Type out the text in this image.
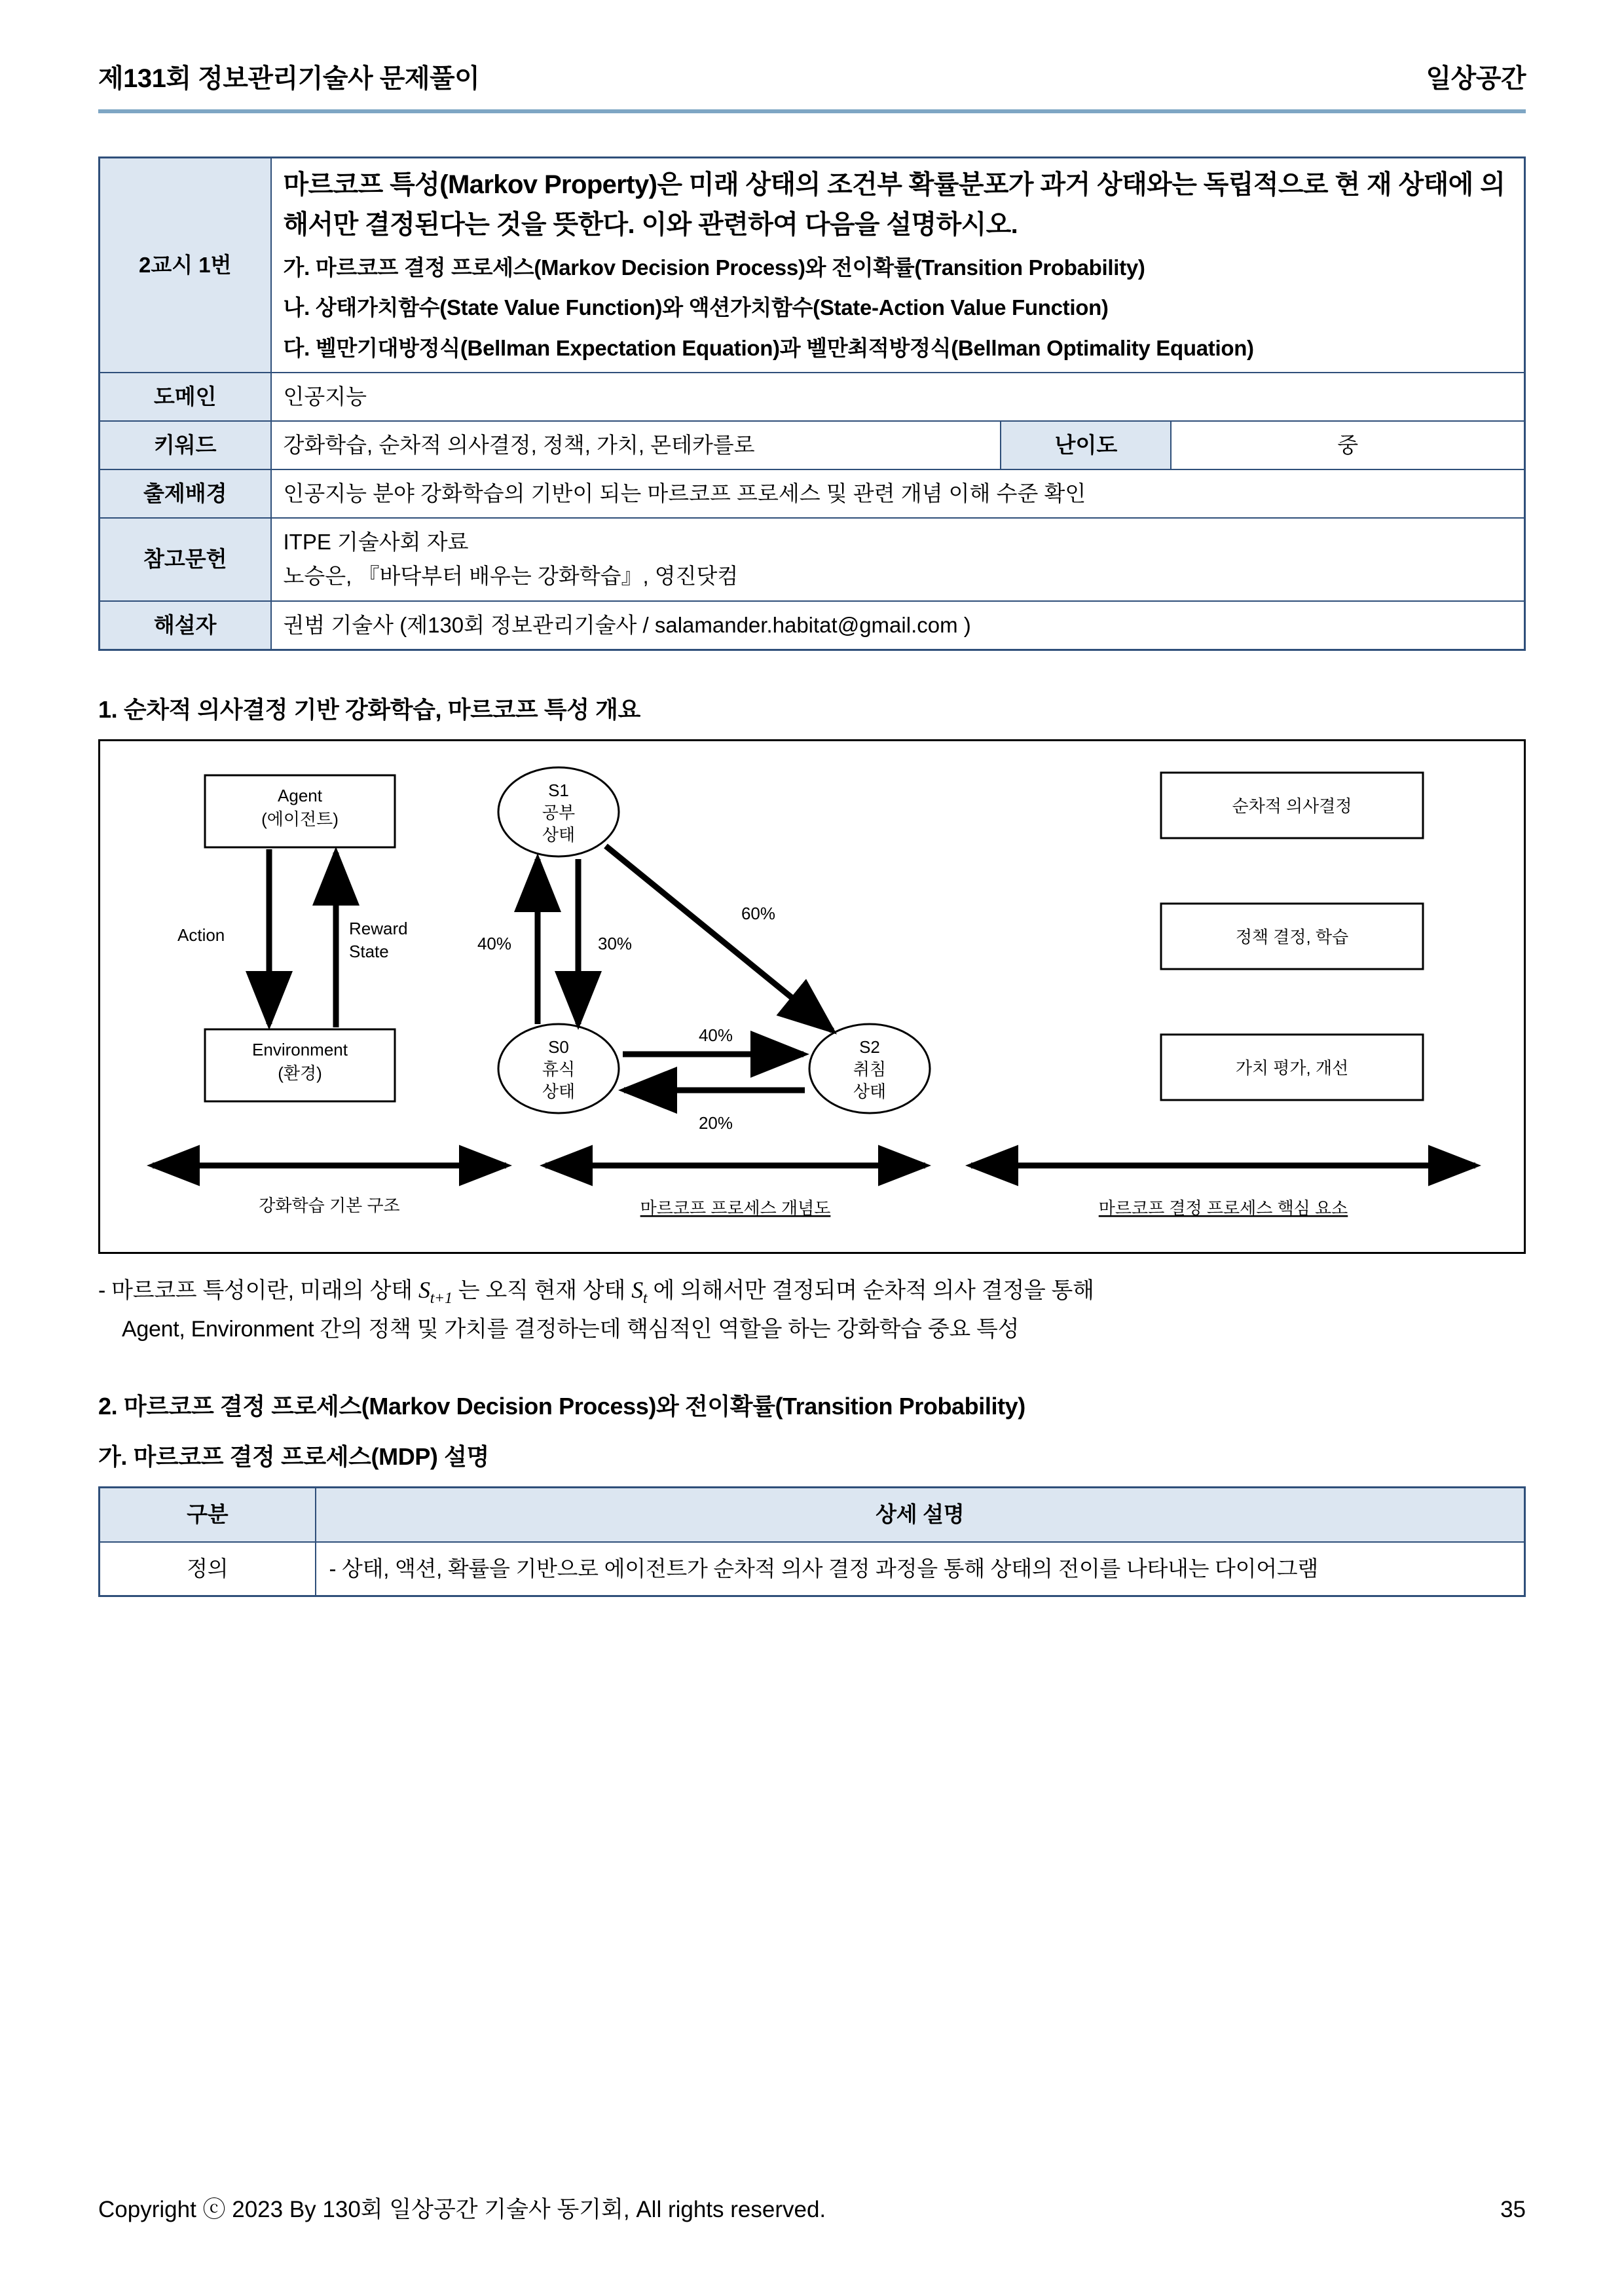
제131회 정보관리기술사 문제풀이	일상공간
2교시 1번	마르코프 특성(Markov Property)은 미래 상태의 조건부 확률분포가 과거 상태와는 독립적으로 현 재 상태에 의해서만 결정된다는 것을 뜻한다. 이와 관련하여 다음을 설명하시오.
가. 마르코프 결정 프로세스(Markov Decision Process)와 전이확률(Transition Probability)
나. 상태가치함수(State Value Function)와 액션가치함수(State-Action Value Function)
다. 벨만기대방정식(Bellman Expectation Equation)과 벨만최적방정식(Bellman Optimality Equation)		

도메인	인공지능		
키워드	강화학습, 순차적 의사결정, 정책, 가치, 몬테카를로	난이도	중
출제배경	인공지능 분야 강화학습의 기반이 되는 마르코프 프로세스 및 관련 개념 이해 수준 확인		
참고문헌	ITPE 기술사회 자료
노승은, 『바닥부터 배우는 강화학습』, 영진닷컴		

해설자	권범 기술사 (제130회 정보관리기술사 / salamander.habitat@gmail.com )		
1. 순차적 의사결정 기반 강화학습, 마르코프 특성 개요
Agent
(에이전트)
Environment
(환경)
Action	Reward
State
S1
공부
상태
S0
휴식
상태
S2
취침
상태
40%	30%
60%
40%
20%
순차적 의사결정
정책 결정, 학습
가치 평가, 개선
강화학습 기본 구조	마르코프 프로세스 개념도	마르코프 결정 프로세스 핵심 요소
- 마르코프 특성이란, 미래의 상태 $S_{t+1}$ 는 오직 현재 상태 $S_t$ 에 의해서만 결정되며 순차적 의사 결정을 통해
Agent, Environment 간의 정책 및 가치를 결정하는데 핵심적인 역할을 하는 강화학습 중요 특성
2. 마르코프 결정 프로세스(Markov Decision Process)와 전이확률(Transition Probability)
가. 마르코프 결정 프로세스(MDP) 설명
구분	상세 설명
정의	- 상태, 액션, 확률을 기반으로 에이전트가 순차적 의사 결정 과정을 통해 상태의 전이를 나타내는 다이어그램
Copyright ⓒ 2023 By 130회 일상공간 기술사 동기회, All rights reserved.	35
